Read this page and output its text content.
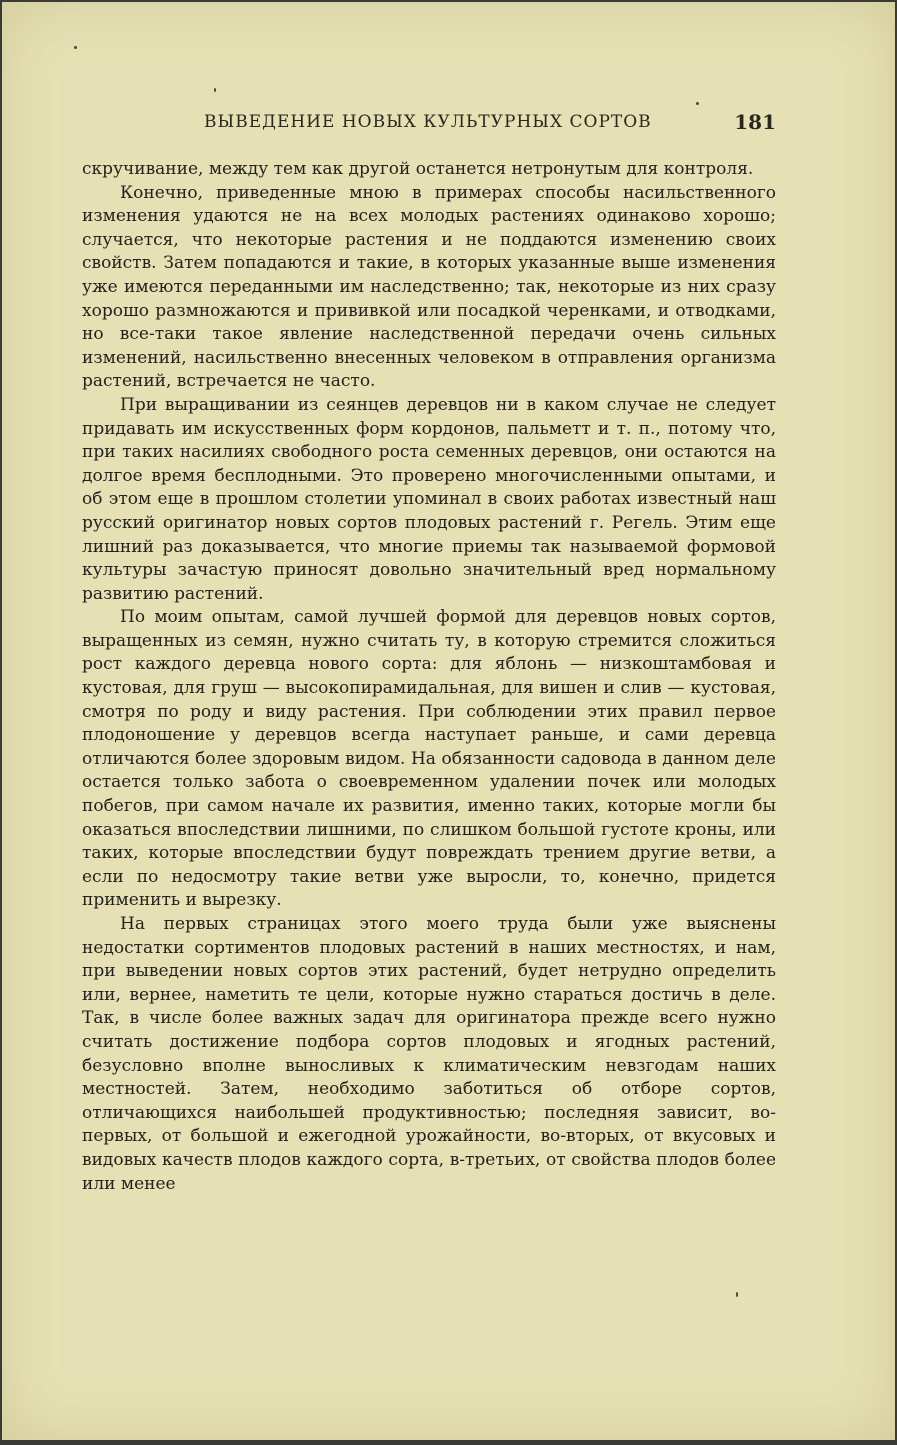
ВЫВЕДЕНИЕ НОВЫХ КУЛЬТУРНЫХ СОРТОВ	181

скручивание, между тем как другой останется нетронутым для контроля.

Конечно, приведенные мною в примерах способы насильственного изменения удаются не на всех молодых растениях одинаково хорошо; случается, что некоторые растения и не поддаются изменению своих свойств. Затем попадаются и такие, в которых указанные выше изменения уже имеются переданными им наследственно; так, некоторые из них сразу хорошо размножаются и прививкой или посадкой черенками, и отводками, но все-таки такое явление наследственной передачи очень сильных изменений, насильственно внесенных человеком в отправления организма растений, встречается не часто.

При выращивании из сеянцев деревцов ни в каком случае не следует придавать им искусственных форм кордонов, пальметт и т. п., потому что, при таких насилиях свободного роста семенных деревцов, они остаются на долгое время бесплодными. Это проверено многочисленными опытами, и об этом еще в прошлом столетии упоминал в своих работах известный наш русский оригинатор новых сортов плодовых растений г. Регель. Этим еще лишний раз доказывается, что многие приемы так называемой формовой культуры зачастую приносят довольно значительный вред нормальному развитию растений.

По моим опытам, самой лучшей формой для деревцов новых сортов, выращенных из семян, нужно считать ту, в которую стремится сложиться рост каждого деревца нового сорта: для яблонь — низкоштамбовая и кустовая, для груш — высокопирамидальная, для вишен и слив — кустовая, смотря по роду и виду растения. При соблюдении этих правил первое плодоношение у деревцов всегда наступает раньше, и сами деревца отличаются более здоровым видом. На обязанности садовода в данном деле остается только забота о своевременном удалении почек или молодых побегов, при самом начале их развития, именно таких, которые могли бы оказаться впоследствии лишними, по слишком большой густоте кроны, или таких, которые впоследствии будут повреждать трением другие ветви, а если по недосмотру такие ветви уже выросли, то, конечно, придется применить и вырезку.

На первых страницах этого моего труда были уже выяснены недостатки сортиментов плодовых растений в наших местностях, и нам, при выведении новых сортов этих растений, будет нетрудно определить или, вернее, наметить те цели, которые нужно стараться достичь в деле. Так, в числе более важных задач для оригинатора прежде всего нужно считать достижение подбора сортов плодовых и ягодных растений, безусловно вполне выносливых к климатическим невзгодам наших местностей. Затем, необходимо заботиться об отборе сортов, отличающихся наибольшей продуктивностью; последняя зависит, во-первых, от большой и ежегодной урожайности, во-вторых, от вкусовых и видовых качеств плодов каждого сорта, в-третьих, от свойства плодов более или менее
